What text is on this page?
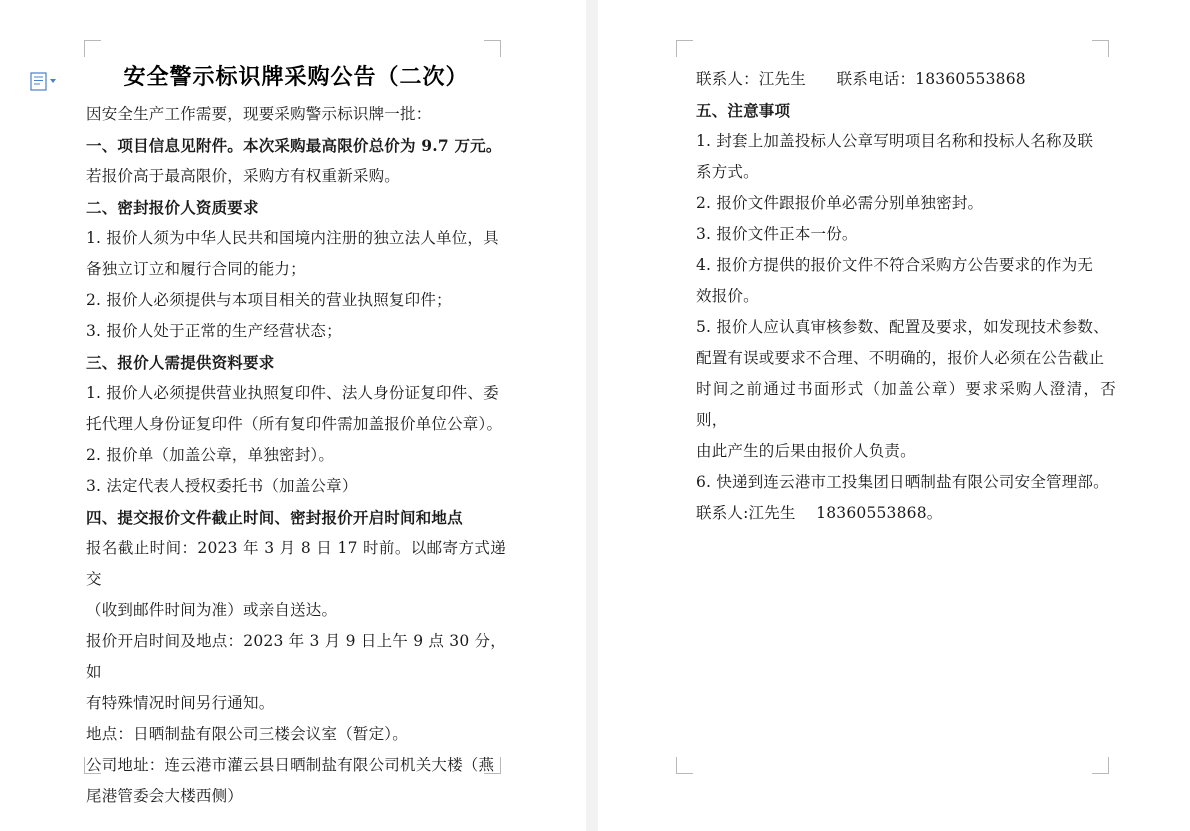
安全警示标识牌采购公告（二次）

因安全生产工作需要，现要采购警示标识牌一批：

一、项目信息见附件。本次采购最高限价总价为 9.7 万元。

若报价高于最高限价，采购方有权重新采购。

二、密封报价人资质要求

1. 报价人须为中华人民共和国境内注册的独立法人单位，具

备独立订立和履行合同的能力；

2. 报价人必须提供与本项目相关的营业执照复印件；

3. 报价人处于正常的生产经营状态；

三、报价人需提供资料要求

1. 报价人必须提供营业执照复印件、法人身份证复印件、委

托代理人身份证复印件（所有复印件需加盖报价单位公章）。

2. 报价单（加盖公章，单独密封）。

3. 法定代表人授权委托书（加盖公章）

四、提交报价文件截止时间、密封报价开启时间和地点

报名截止时间：2023 年 3 月 8 日 17 时前。以邮寄方式递交

（收到邮件时间为准）或亲自送达。

报价开启时间及地点：2023 年 3 月 9 日上午 9 点 30 分，如

有特殊情况时间另行通知。

地点：日晒制盐有限公司三楼会议室（暂定）。

公司地址：连云港市灌云县日晒制盐有限公司机关大楼（燕

尾港管委会大楼西侧）

联系人：江先生      联系电话：18360553868

五、注意事项

1. 封套上加盖投标人公章写明项目名称和投标人名称及联

系方式。

2. 报价文件跟报价单必需分别单独密封。

3. 报价文件正本一份。

4. 报价方提供的报价文件不符合采购方公告要求的作为无

效报价。

5. 报价人应认真审核参数、配置及要求，如发现技术参数、

配置有误或要求不合理、不明确的，报价人必须在公告截止

时间之前通过书面形式（加盖公章）要求采购人澄清，否则，

由此产生的后果由报价人负责。

6. 快递到连云港市工投集团日晒制盐有限公司安全管理部。

联系人:江先生    18360553868。
